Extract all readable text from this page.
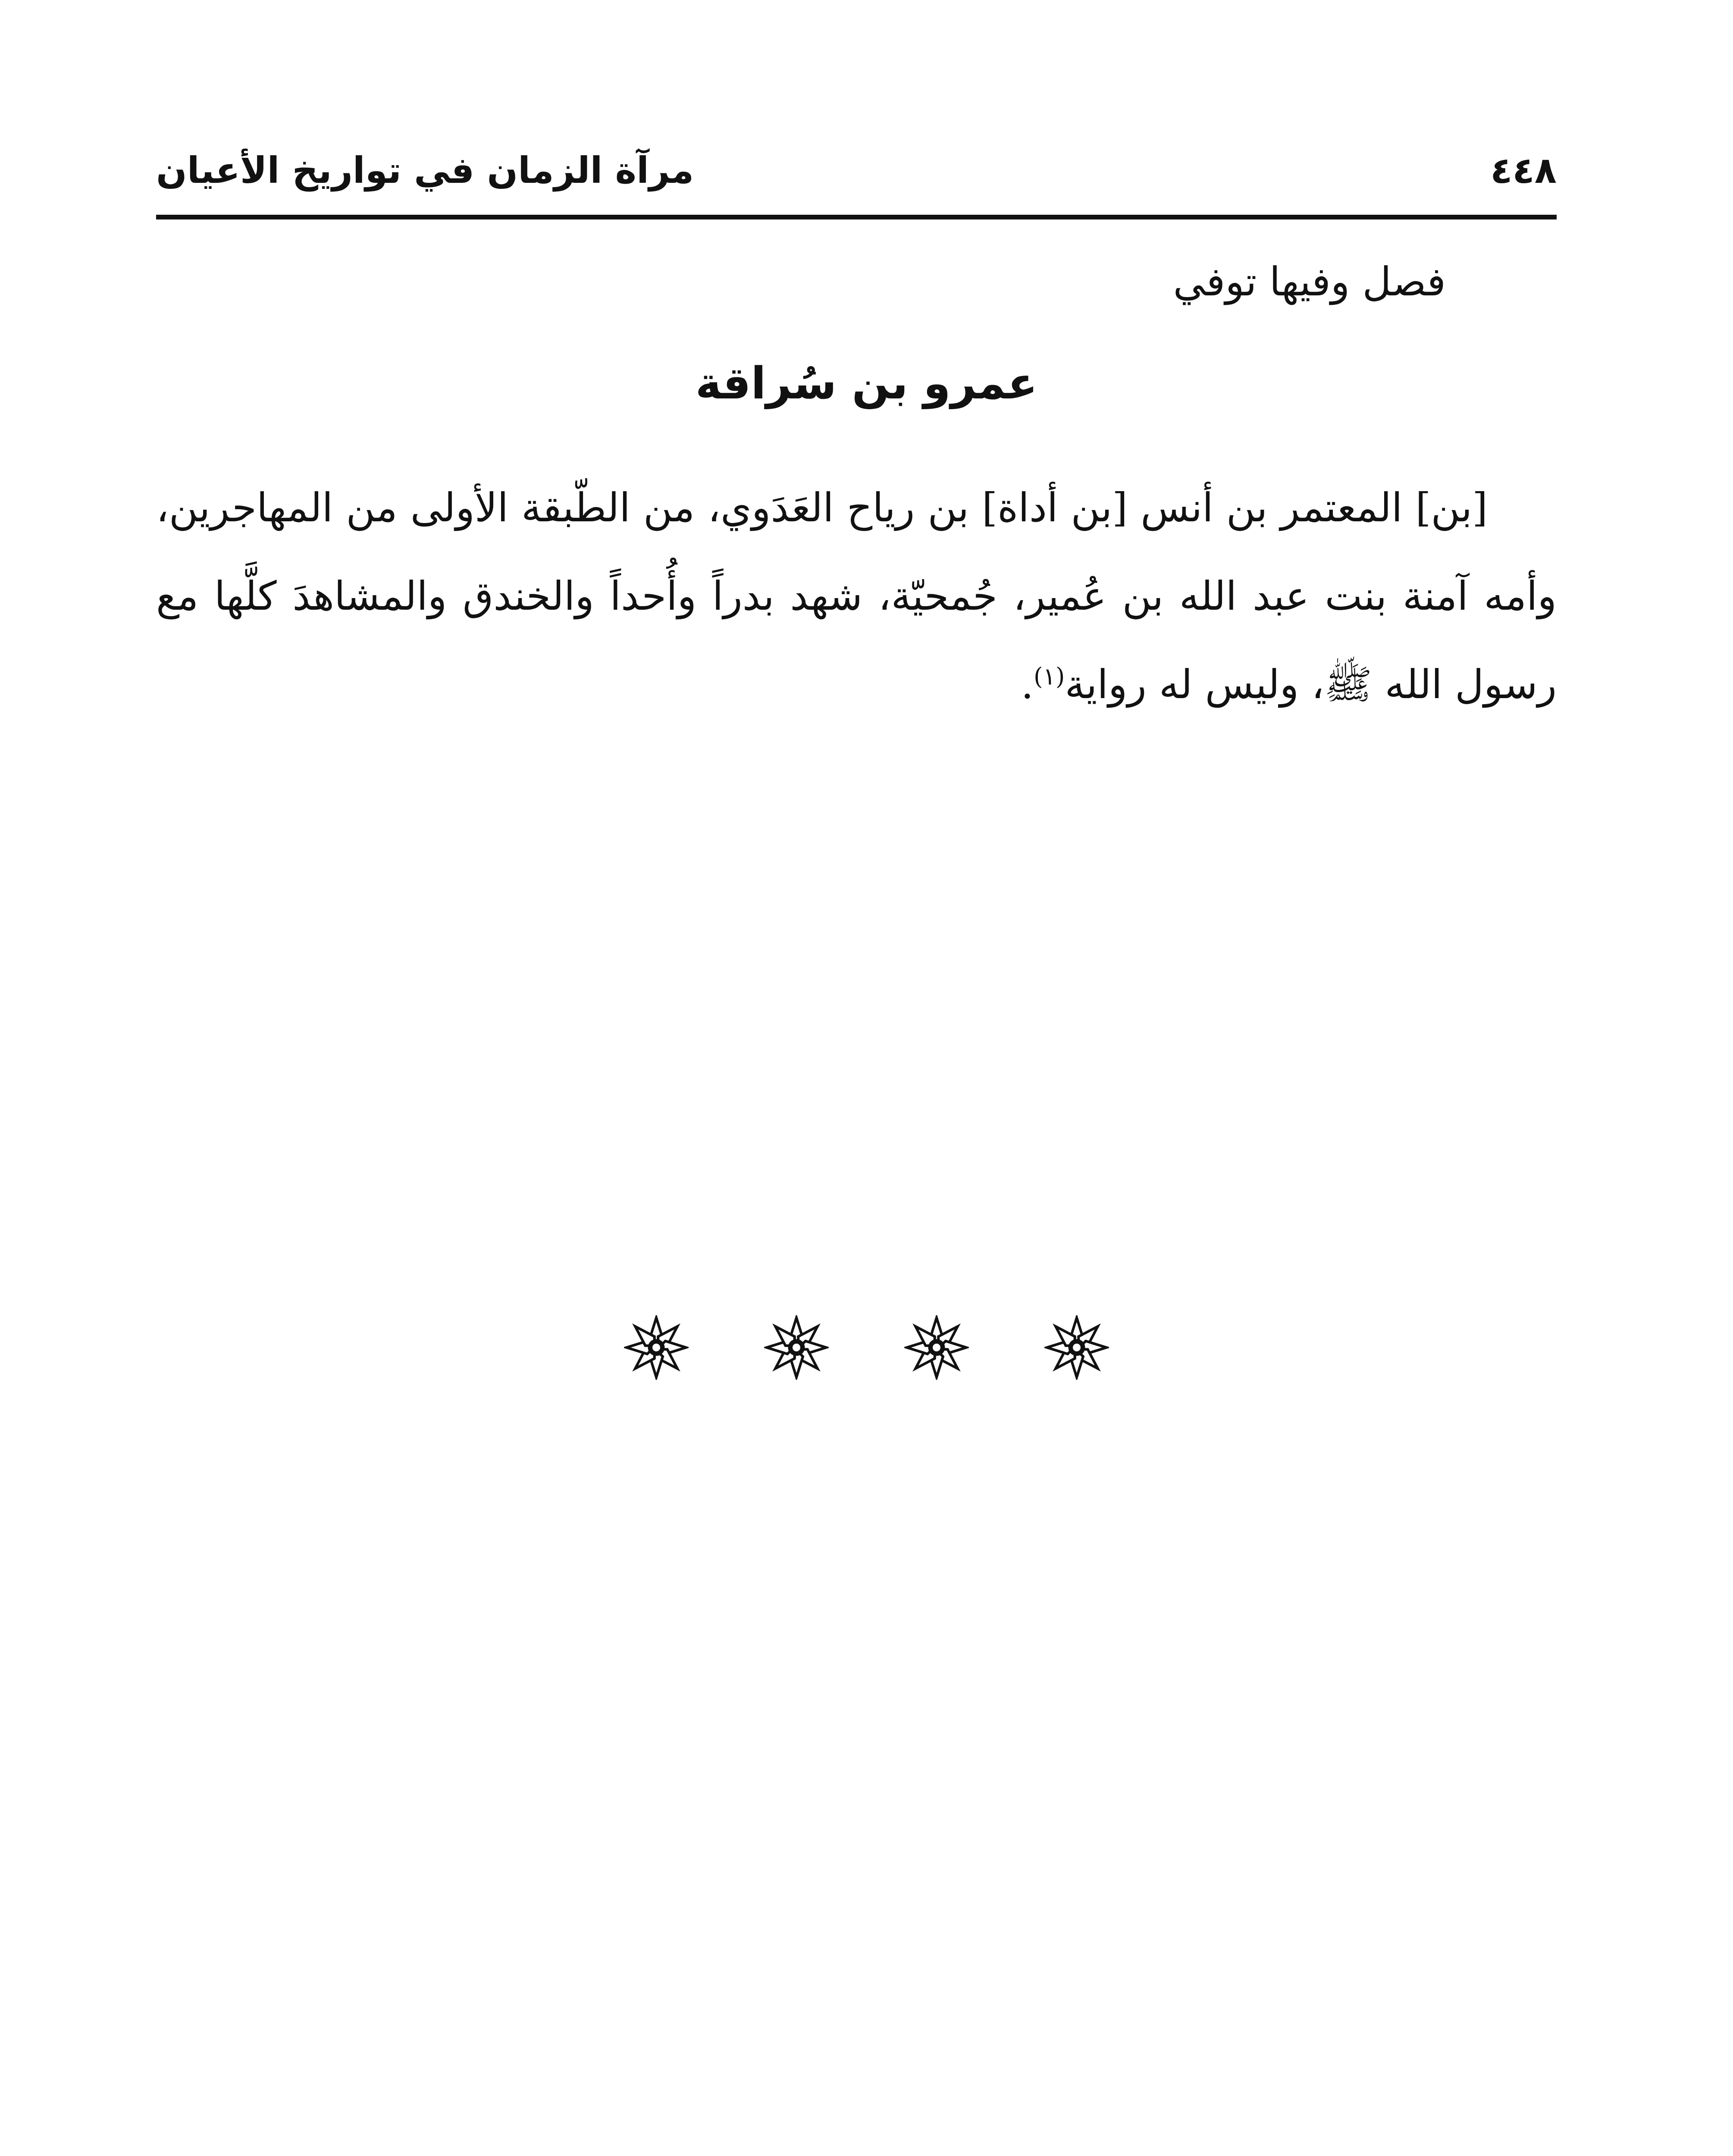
٤٤٨
مرآة الزمان في تواريخ الأعيان
فصل وفيها توفي
عمرو بن سُراقة

[بن] المعتمر بن أنس [بن أداة] بن رياح العَدَوي، من الطّبقة الأولى من المهاجرين، وأمه آمنة بنت عبد الله بن عُمير، جُمحيّة، شهد بدراً وأُحداً والخندق والمشاهدَ كلَّها مع رسول الله ﷺ، وليس له رواية$^{(١)}$.
